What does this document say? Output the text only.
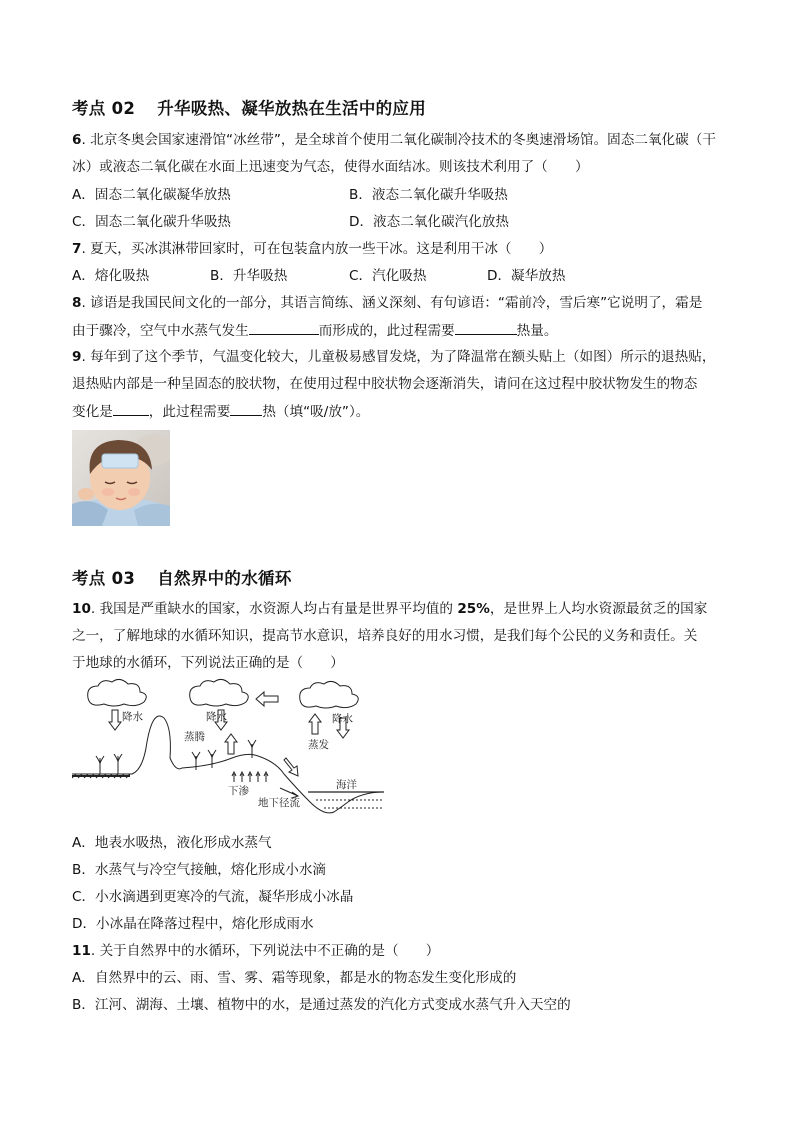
考点 02 升华吸热、凝华放热在生活中的应用
6. 北京冬奥会国家速滑馆“冰丝带”，是全球首个使用二氧化碳制冷技术的冬奥速滑场馆。固态二氧化碳（干
冰）或液态二氧化碳在水面上迅速变为气态，使得水面结冰。则该技术利用了（　　）
A．固态二氧化碳凝华放热	B．液态二氧化碳升华吸热
C．固态二氧化碳升华吸热	D．液态二氧化碳汽化放热
7. 夏天，买冰淇淋带回家时，可在包装盒内放一些干冰。这是利用干冰（　　）
A．熔化吸热	B．升华吸热	C．汽化吸热	D．凝华放热
8. 谚语是我国民间文化的一部分，其语言简练、涵义深刻、有句谚语：“霜前冷，雪后寒”它说明了，霜是
由于骤冷，空气中水蒸气发生	而形成的，此过程需要	热量。
9. 每年到了这个季节，气温变化较大，儿童极易感冒发烧，为了降温常在额头贴上（如图）所示的退热贴，
退热贴内部是一种呈固态的胶状物，在使用过程中胶状物会逐渐消失，请问在这过程中胶状物发生的物态
变化是	，此过程需要 热（填“吸/放”）。
考点 03 自然界中的水循环
10. 我国是严重缺水的国家，水资源人均占有量是世界平均值的 25%，是世界上人均水资源最贫乏的国家
之一，了解地球的水循环知识，提高节水意识，培养良好的用水习惯，是我们每个公民的义务和责任。关
于地球的水循环，下列说法正确的是（　　）
降水	降水	降水
蒸腾
蒸发
下渗
地下径流
海洋
A．地表水吸热，液化形成水蒸气
B．水蒸气与冷空气接触，熔化形成小水滴
C．小水滴遇到更寒冷的气流，凝华形成小冰晶
D．小冰晶在降落过程中，熔化形成雨水
11. 关于自然界中的水循环，下列说法中不正确的是（　　）
A．自然界中的云、雨、雪、雾、霜等现象，都是水的物态发生变化形成的
B．江河、湖海、土壤、植物中的水，是通过蒸发的汽化方式变成水蒸气升入天空的
